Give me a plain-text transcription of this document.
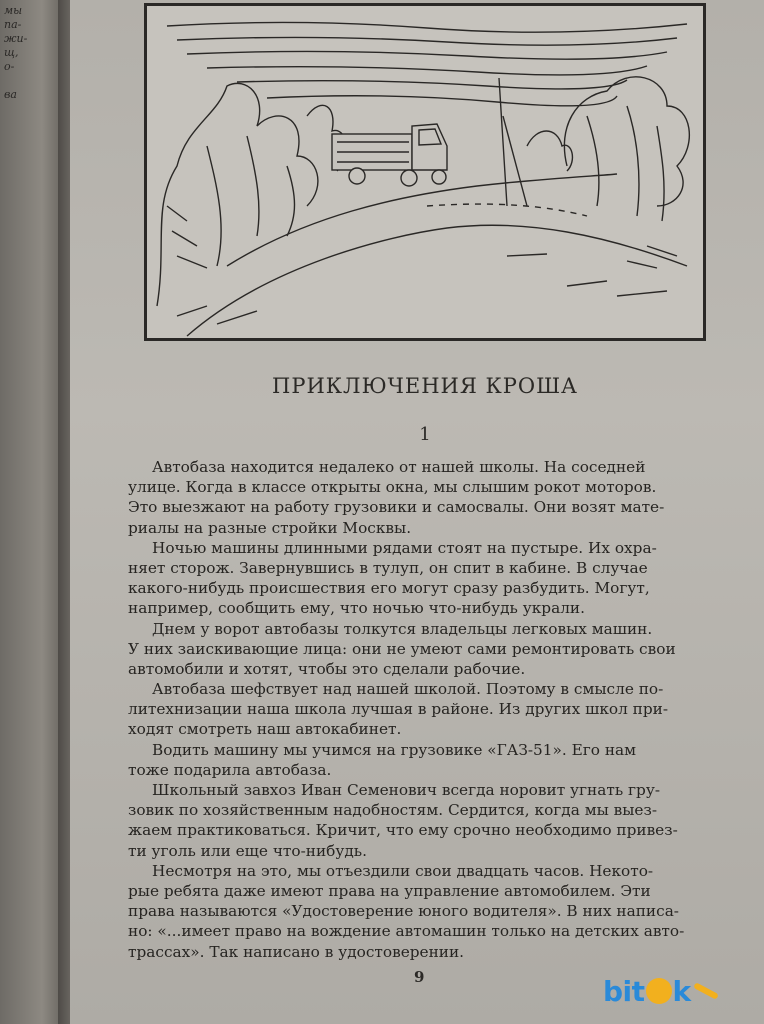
мы
па-
жи-
щ,
о-
ва
ПРИКЛЮЧЕНИЯ КРОША
1
Автобаза находится недалеко от нашей школы. На соседней
улице. Когда в классе открыты окна, мы слышим рокот моторов.
Это выезжают на работу грузовики и самосвалы. Они возят мате-
риалы на разные стройки Москвы.
Ночью машины длинными рядами стоят на пустыре. Их охра-
няет сторож. Завернувшись в тулуп, он спит в кабине. В случае
какого-нибудь происшествия его могут сразу разбудить. Могут,
например, сообщить ему, что ночью что-нибудь украли.
Днем у ворот автобазы толкутся владельцы легковых машин.
У них заискивающие лица: они не умеют сами ремонтировать свои
автомобили и хотят, чтобы это сделали рабочие.
Автобаза шефствует над нашей школой. Поэтому в смысле по-
литехнизации наша школа лучшая в районе. Из других школ при-
ходят смотреть наш автокабинет.
Водить машину мы учимся на грузовике «ГАЗ-51». Его нам
тоже подарила автобаза.
Школьный завхоз Иван Семенович всегда норовит угнать гру-
зовик по хозяйственным надобностям. Сердится, когда мы выез-
жаем практиковаться. Кричит, что ему срочно необходимо привез-
ти уголь или еще что-нибудь.
Несмотря на это, мы отъездили свои двадцать часов. Некото-
рые ребята даже имеют права на управление автомобилем. Эти
права называются «Удостоверение юного водителя». В них написа-
но: «...имеет право на вождение автомашин только на детских авто-
трассах». Так написано в удостоверении.
9	bit k
